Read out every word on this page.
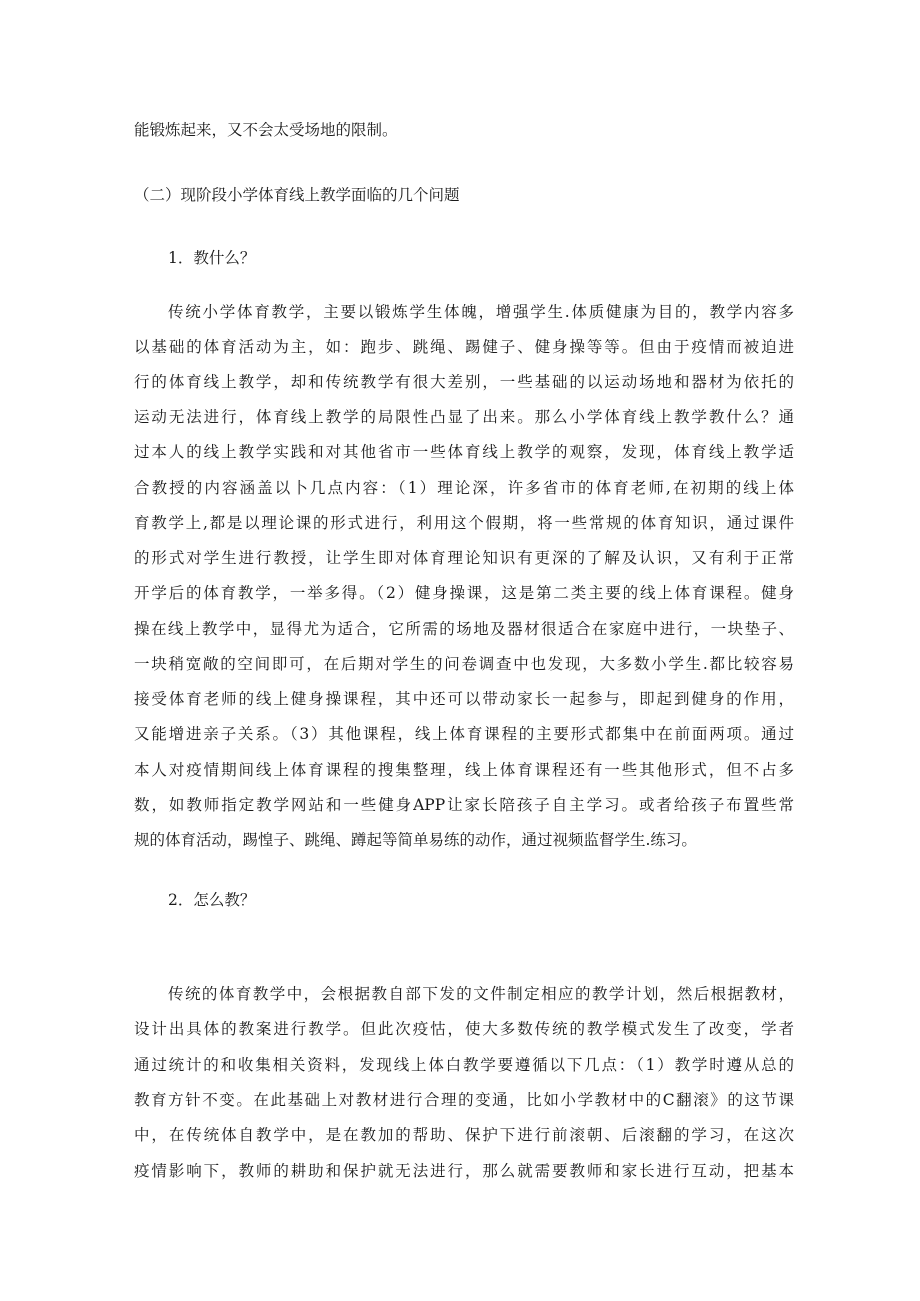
能锻炼起来，又不会太受场地的限制。
（二）现阶段小学体育线上教学面临的几个问题
1．教什么？
传统小学体育教学，主要以锻炼学生体魄，增强学生.体质健康为目的，教学内容多
以基础的体育活动为主，如：跑步、跳绳、踢健子、健身操等等。但由于疫情而被迫进
行的体育线上教学，却和传统教学有很大差别，一些基础的以运动场地和器材为依托的
运动无法进行，体育线上教学的局限性凸显了出来。那么小学体育线上教学教什么？通
过本人的线上教学实践和对其他省市一些体育线上教学的观察，发现，体育线上教学适
合教授的内容涵盖以卜几点内容：（1）理论深，许多省市的体育老师,在初期的线上体
育教学上,都是以理论课的形式进行，利用这个假期，将一些常规的体育知识，通过课件
的形式对学生进行教授，让学生即对体育理论知识有更深的了解及认识，又有利于正常
开学后的体育教学，一举多得。（2）健身操课，这是第二类主要的线上体育课程。健身
操在线上教学中，显得尤为适合，它所需的场地及器材很适合在家庭中进行，一块垫子、
一块稍宽敞的空间即可，在后期对学生的问卷调查中也发现，大多数小学生.都比较容易
接受体育老师的线上健身操课程，其中还可以带动家长一起参与，即起到健身的作用，
又能增进亲子关系。（3）其他课程，线上体育课程的主要形式都集中在前面两项。通过
本人对疫情期间线上体育课程的搜集整理，线上体育课程还有一些其他形式，但不占多
数，如教师指定教学网站和一些健身APP让家长陪孩子自主学习。或者给孩子布置些常
规的体育活动，踢惶子、跳绳、蹲起等简单易练的动作，通过视频监督学生.练习。
2．怎么教？
传统的体育教学中，会根据教自部下发的文件制定相应的教学计划，然后根据教材，
设计出具体的教案进行教学。但此次疫怙，使大多数传统的教学模式发生了改变，学者
通过统计的和收集相关资料，发现线上体白教学要遵循以下几点：（1）教学时遵从总的
教育方针不变。在此基础上对教材进行合理的变通，比如小学教材中的C翻滚》的这节课
中，在传统体自教学中，是在教加的帮助、保护下进行前滚朝、后滚翻的学习，在这次
疫情影响下，教师的耕助和保护就无法进行，那么就需要教师和家长进行互动，把基本
